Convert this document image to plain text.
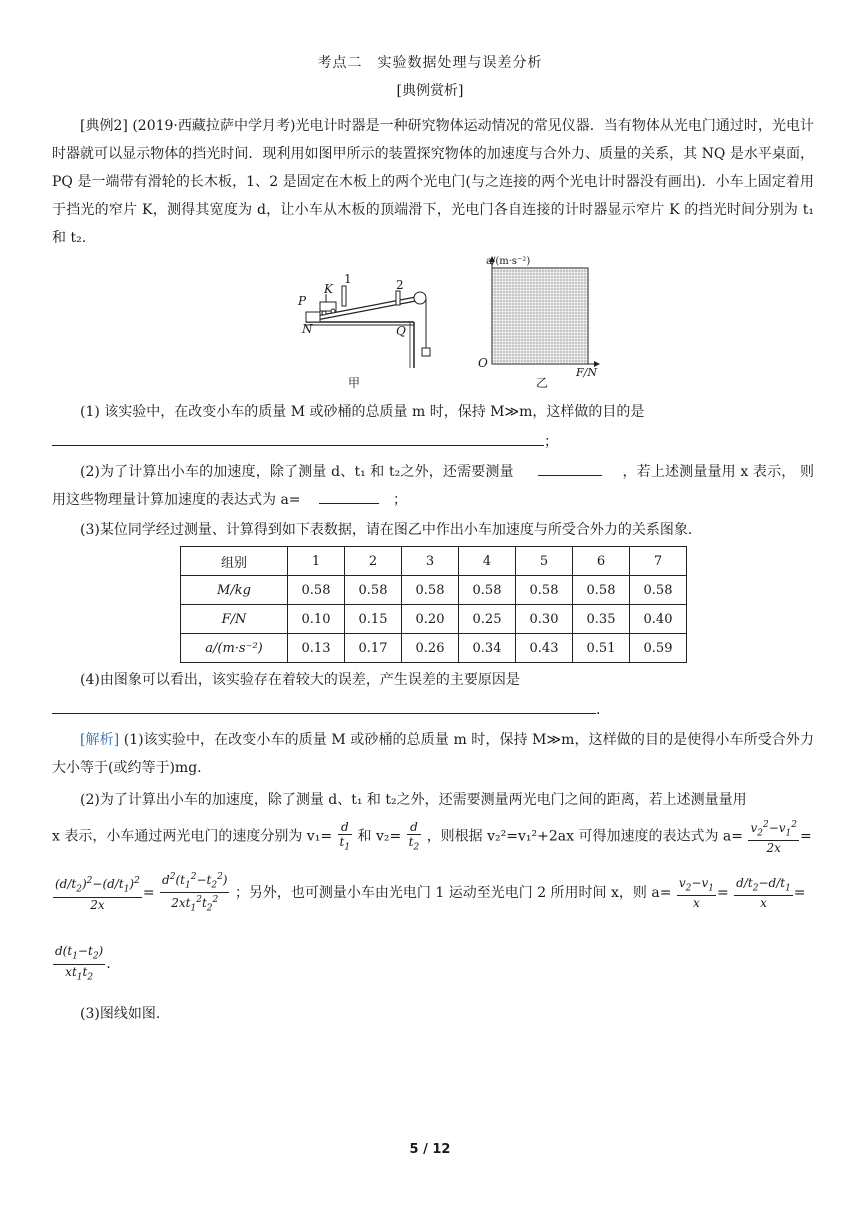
考点二　实验数据处理与误差分析
[典例赏析]
[典例2] (2019·西藏拉萨中学月考)光电计时器是一种研究物体运动情况的常见仪器．当有物体从光电门通过时，光电计时器就可以显示物体的挡光时间．现利用如图甲所示的装置探究物体的加速度与合外力、质量的关系，其 NQ 是水平桌面，PQ 是一端带有滑轮的长木板，1、2 是固定在木板上的两个光电门(与之连接的两个光电计时器没有画出)．小车上固定着用于挡光的窄片 K，测得其宽度为 d，让小车从木板的顶端滑下，光电门各自连接的计时器显示窄片 K 的挡光时间分别为 t₁ 和 t₂.
K
1	2
P
N	Q
a/(m·s⁻²)
O
F/N
甲	乙
(1) 该实验中，在改变小车的质量 M 或砂桶的总质量 m 时，保持 M≫m，这样做的目的是
；
(2)为了计算出小车的加速度，除了测量 d、t₁ 和 t₂之外，还需要测量	，若上述测量量用 x 表示， 则用这些物理量计算加速度的表达式为 a=	；
(3)某位同学经过测量、计算得到如下表数据，请在图乙中作出小车加速度与所受合外力的关系图象.
组别	1	2	3	4	5	6	7
M/kg	0.58	0.58	0.58	0.58	0.58	0.58	0.58
F/N	0.10	0.15	0.20	0.25	0.30	0.35	0.40
a/(m·s⁻²)	0.13	0.17	0.26	0.34	0.43	0.51	0.59
(4)由图象可以看出，该实验存在着较大的误差，产生误差的主要原因是
.
[解析] (1)该实验中，在改变小车的质量 M 或砂桶的总质量 m 时，保持 M≫m，这样做的目的是使得小车所受合外力大小等于(或约等于)mg.
(2)为了计算出小车的加速度，除了测量 d、t₁ 和 t₂之外，还需要测量两光电门之间的距离，若上述测量量用
x 表示，小车通过两光电门的速度分别为 $v_1= \frac{d}{t_1}$ 和 $v_2= \frac{d}{t_2}$ ，则根据 v₂²=v₁²+2ax 可得加速度的表达式为 $a= \frac{v_2^2-v_1^2}{2x}$ =
$\frac{(d/t_2)^2-(d/t_1)^2}{2x} = \frac{d^2(t_1^2-t_2^2)}{2xt_1^2t_2^2}$ ；另外，也可测量小车由光电门 1 运动至光电门 2 所用时间 x，则 $a= \frac{v_2-v_1}{x} = \frac{d/t_2-d/t_1}{x}$ =
$\frac{d(t_1-t_2)}{xt_1t_2}$ .
(3)图线如图.
5 / 12
